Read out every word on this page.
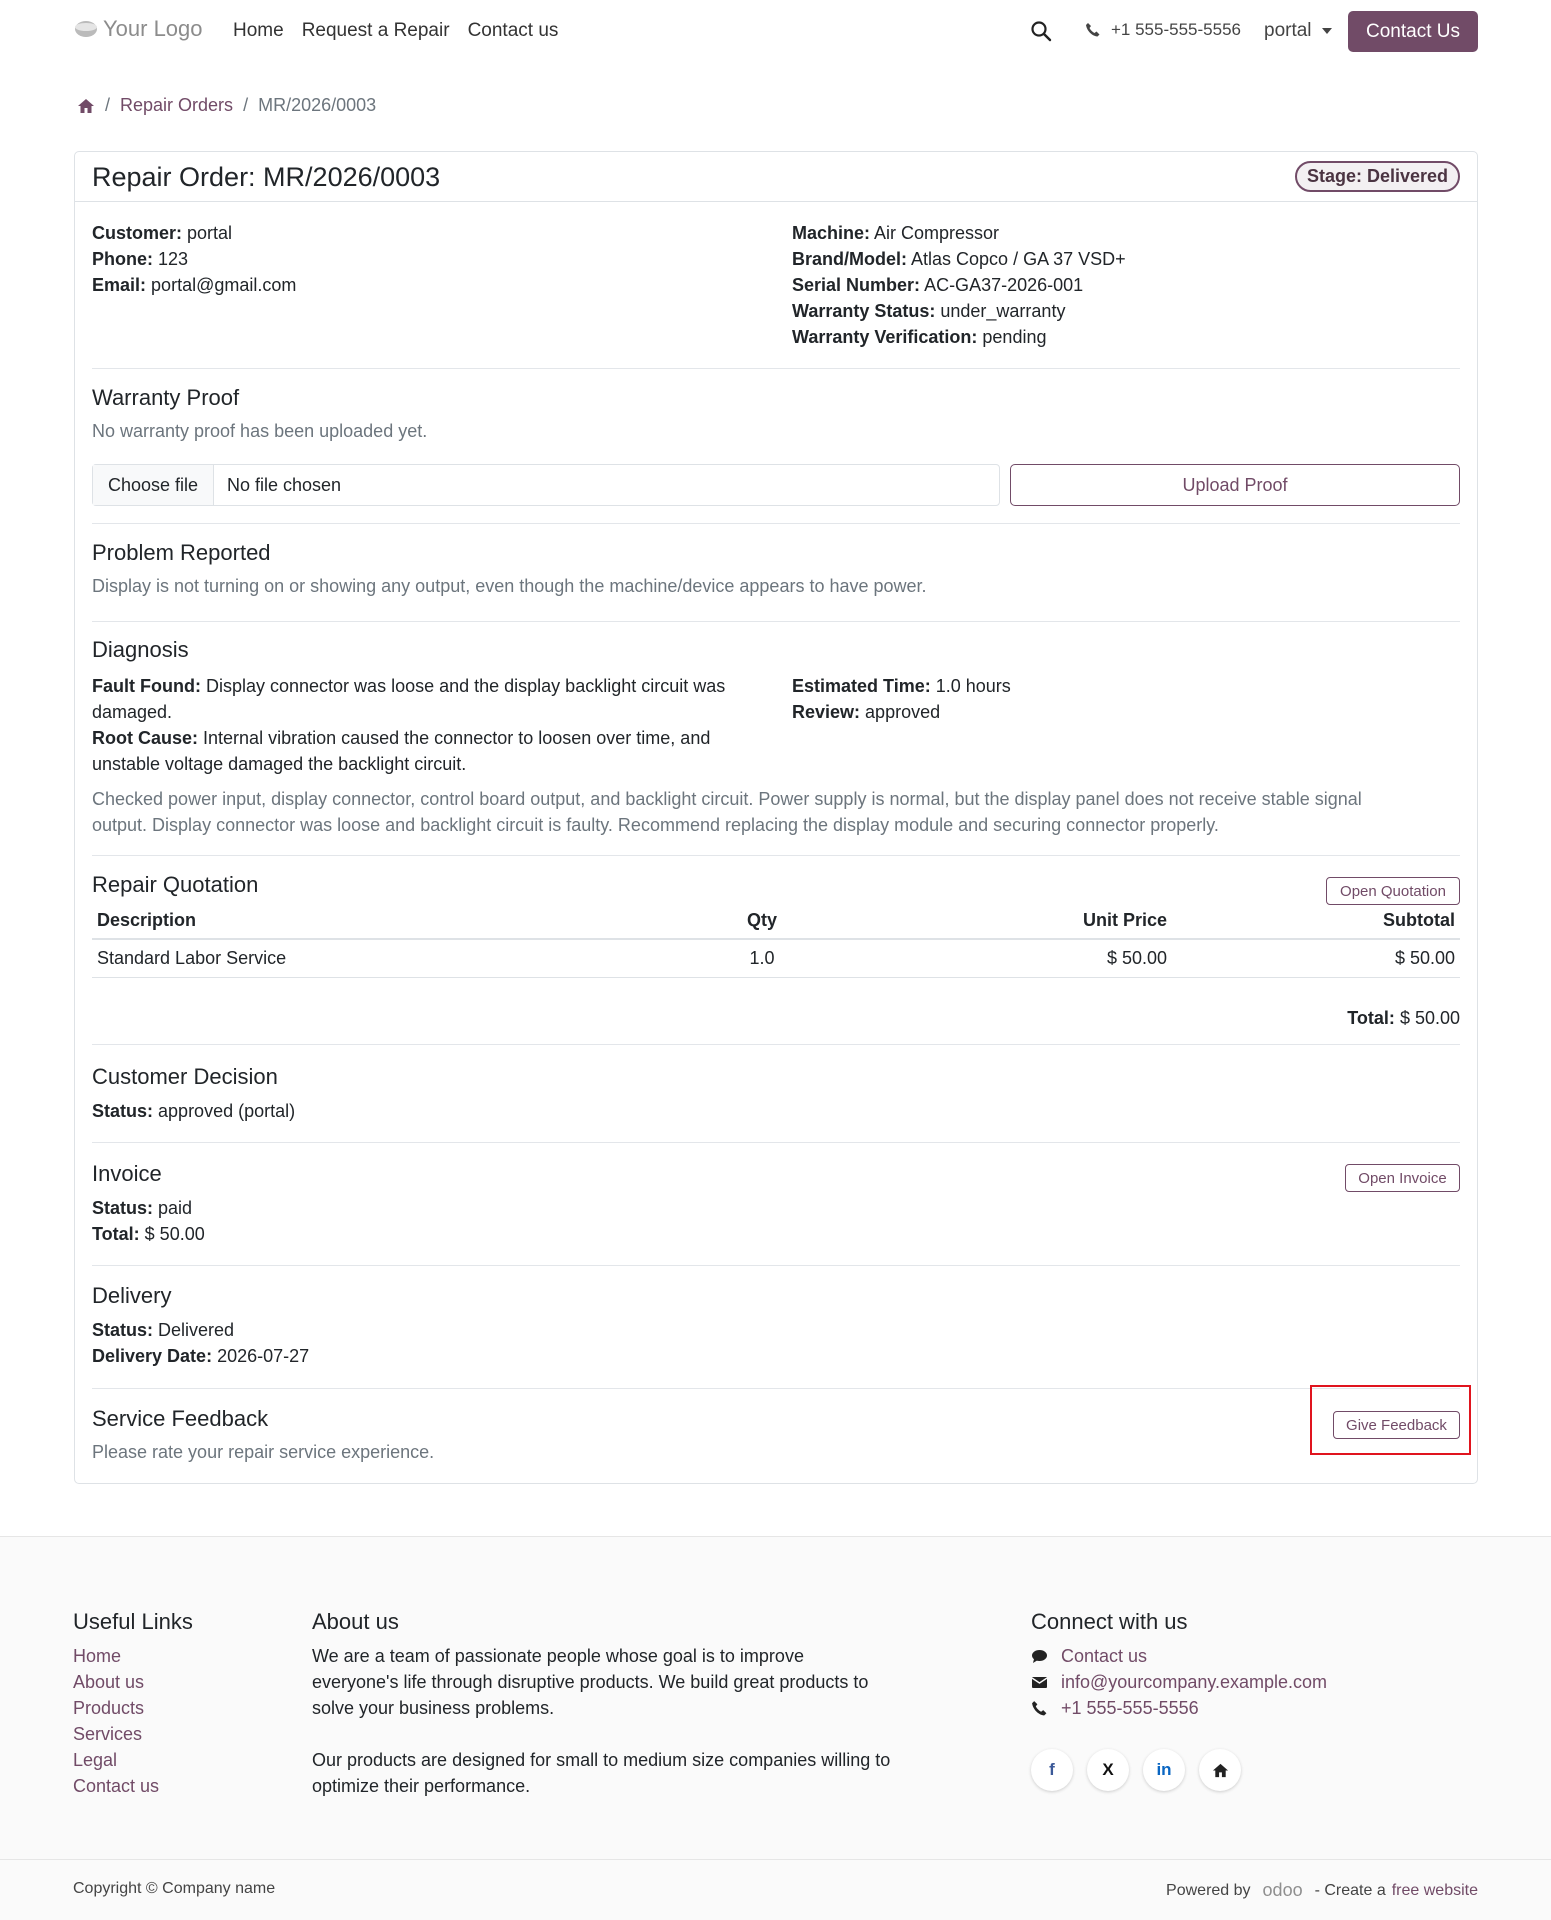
Your Logo Home Request a Repair Contact us	+1 555-555-5556 portal	Contact Us
/ Repair Orders / MR/2026/0003
Repair Order: MR/2026/0003	Stage: Delivered
Customer: portal
Phone: 123
Email: portal@gmail.com
Machine: Air Compressor
Brand/Model: Atlas Copco / GA 37 VSD+
Serial Number: AC-GA37-2026-001
Warranty Status: under_warranty
Warranty Verification: pending
Warranty Proof
No warranty proof has been uploaded yet.
Choose file	No file chosen	Upload Proof
Problem Reported
Display is not turning on or showing any output, even though the machine/device appears to have power.
Diagnosis
Fault Found: Display connector was loose and the display backlight circuit was
damaged.
Root Cause: Internal vibration caused the connector to loosen over time, and
unstable voltage damaged the backlight circuit.
Estimated Time: 1.0 hours
Review: approved
Checked power input, display connector, control board output, and backlight circuit. Power supply is normal, but the display panel does not receive stable signal
output. Display connector was loose and backlight circuit is faulty. Recommend replacing the display module and securing connector properly.
Repair Quotation	Open Quotation
Description	Qty	Unit Price	Subtotal
Standard Labor Service	1.0	$ 50.00	$ 50.00
Total: $ 50.00
Customer Decision
Status: approved (portal)
Invoice
Status: paid
Total: $ 50.00
Open Invoice
Delivery
Status: Delivered
Delivery Date: 2026-07-27
Service Feedback
Please rate your repair service experience.
Give Feedback
Useful Links
Home
About us
Products
Services
Legal
Contact us
About us

We are a team of passionate people whose goal is to improve everyone's life through disruptive products. We build great products to solve your business problems.

Our products are designed for small to medium size companies willing to optimize their performance.

Connect with us
Contact us
info@yourcompany.example.com
+1 555-555-5556
f	X	in
Copyright © Company name	Powered by odoo - Create a free website
